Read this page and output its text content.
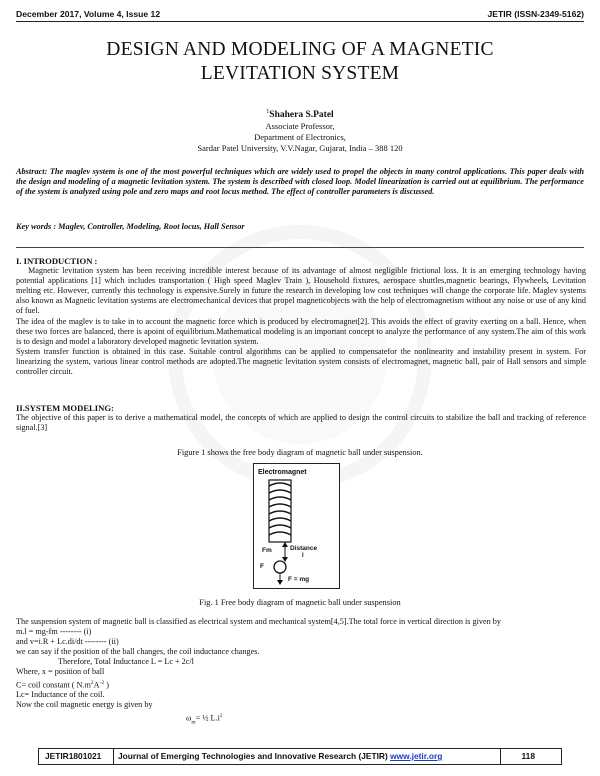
December 2017, Volume 4, Issue 12	JETIR (ISSN-2349-5162)
DESIGN AND MODELING OF A MAGNETIC
LEVITATION SYSTEM
$^1$Shahera S.Patel
Associate Professor,
Department of Electronics,
Sardar Patel University, V.V.Nagar, Gujarat, India – 388 120
Abstract: The maglev system is one of the most powerful techniques which are widely used to propel the objects in many control applications. This paper deals with the design and modeling of a magnetic levitation system. The system is described with closed loop. Model linearization is carried out at equilibrium. The performance of the system is analyzed using pole and zero maps and root locus method. The effect of controller parameters is discussed.
Key words : Maglev, Controller, Modeling, Root locus, Hall Sensor

I. INTRODUCTION :

Magnetic levitation system has been receiving incredible interest because of its advantage of almost negligible frictional loss. It is an emerging technology having potential applications [1] which includes transportation ( High speed Maglev Train ), Household fixtures, aerospace shuttles,magnetic bearings, Flywheels, Levitation melting etc. However, currently this technology is expensive.Surely in future the research in developing low cost techniques will change the corporate life. Maglev systems also known as Magnetic levitation systems are electromechanical devices that propel magneticobjects with the help of electromagnetism without any noise or use of any kind of fuel.

The idea of the maglev is to take in to account the magnetic force which is produced by electromagnet[2]. This avoids the effect of gravity exerting on a ball. Hence, when these two forces are balanced, there is apoint of equilibrium.Mathematical modeling is an important concept to analyze the performance of any system.The aim of this work is to design and model a laboratory developed magnetic levitation system.

System transfer function is obtained in this case. Suitable control algorithms can be applied to compensatefor the nonlinearity and instability present in system. For linearizing the system, various linear control methods are adopted.The magnetic levitation system consists of electromagnet, magnetic ball, pair of Hall sensors and simple controller circuit.

II.SYSTEM MODELING:

The objective of this paper is to derive a mathematical model, the concepts of which are applied to design the control circuits to stabilize the ball and tracking of reference signal.[3]

Figure 1 shows the free body diagram of magnetic ball under suspension.
Electromagnet
Fm
F
Distance
l
F = mg
Fig. 1 Free body diagram of magnetic ball under suspension

The suspension system of magnetic ball is classified as electrical system and mechanical system[4,5].The total force in vertical direction is given by

m.l = mg-fm -------- (i)

and v=i.R + Lc.di/dt -------- (ii)

we can say if the position of the ball changes, the coil inductance changes.

Therefore, Total Inductance L = Lc + 2c/l

Where, x = position of ball

C= coil constant ( $N.m^2A^{-2}$ )

Lc= Inductance of the coil.

Now the coil magnetic energy is given by

$\omega_m=$ ½ $L.i^2$

JETIR1801021 Journal of Emerging Technologies and Innovative Research (JETIR) www.jetir.org	118
